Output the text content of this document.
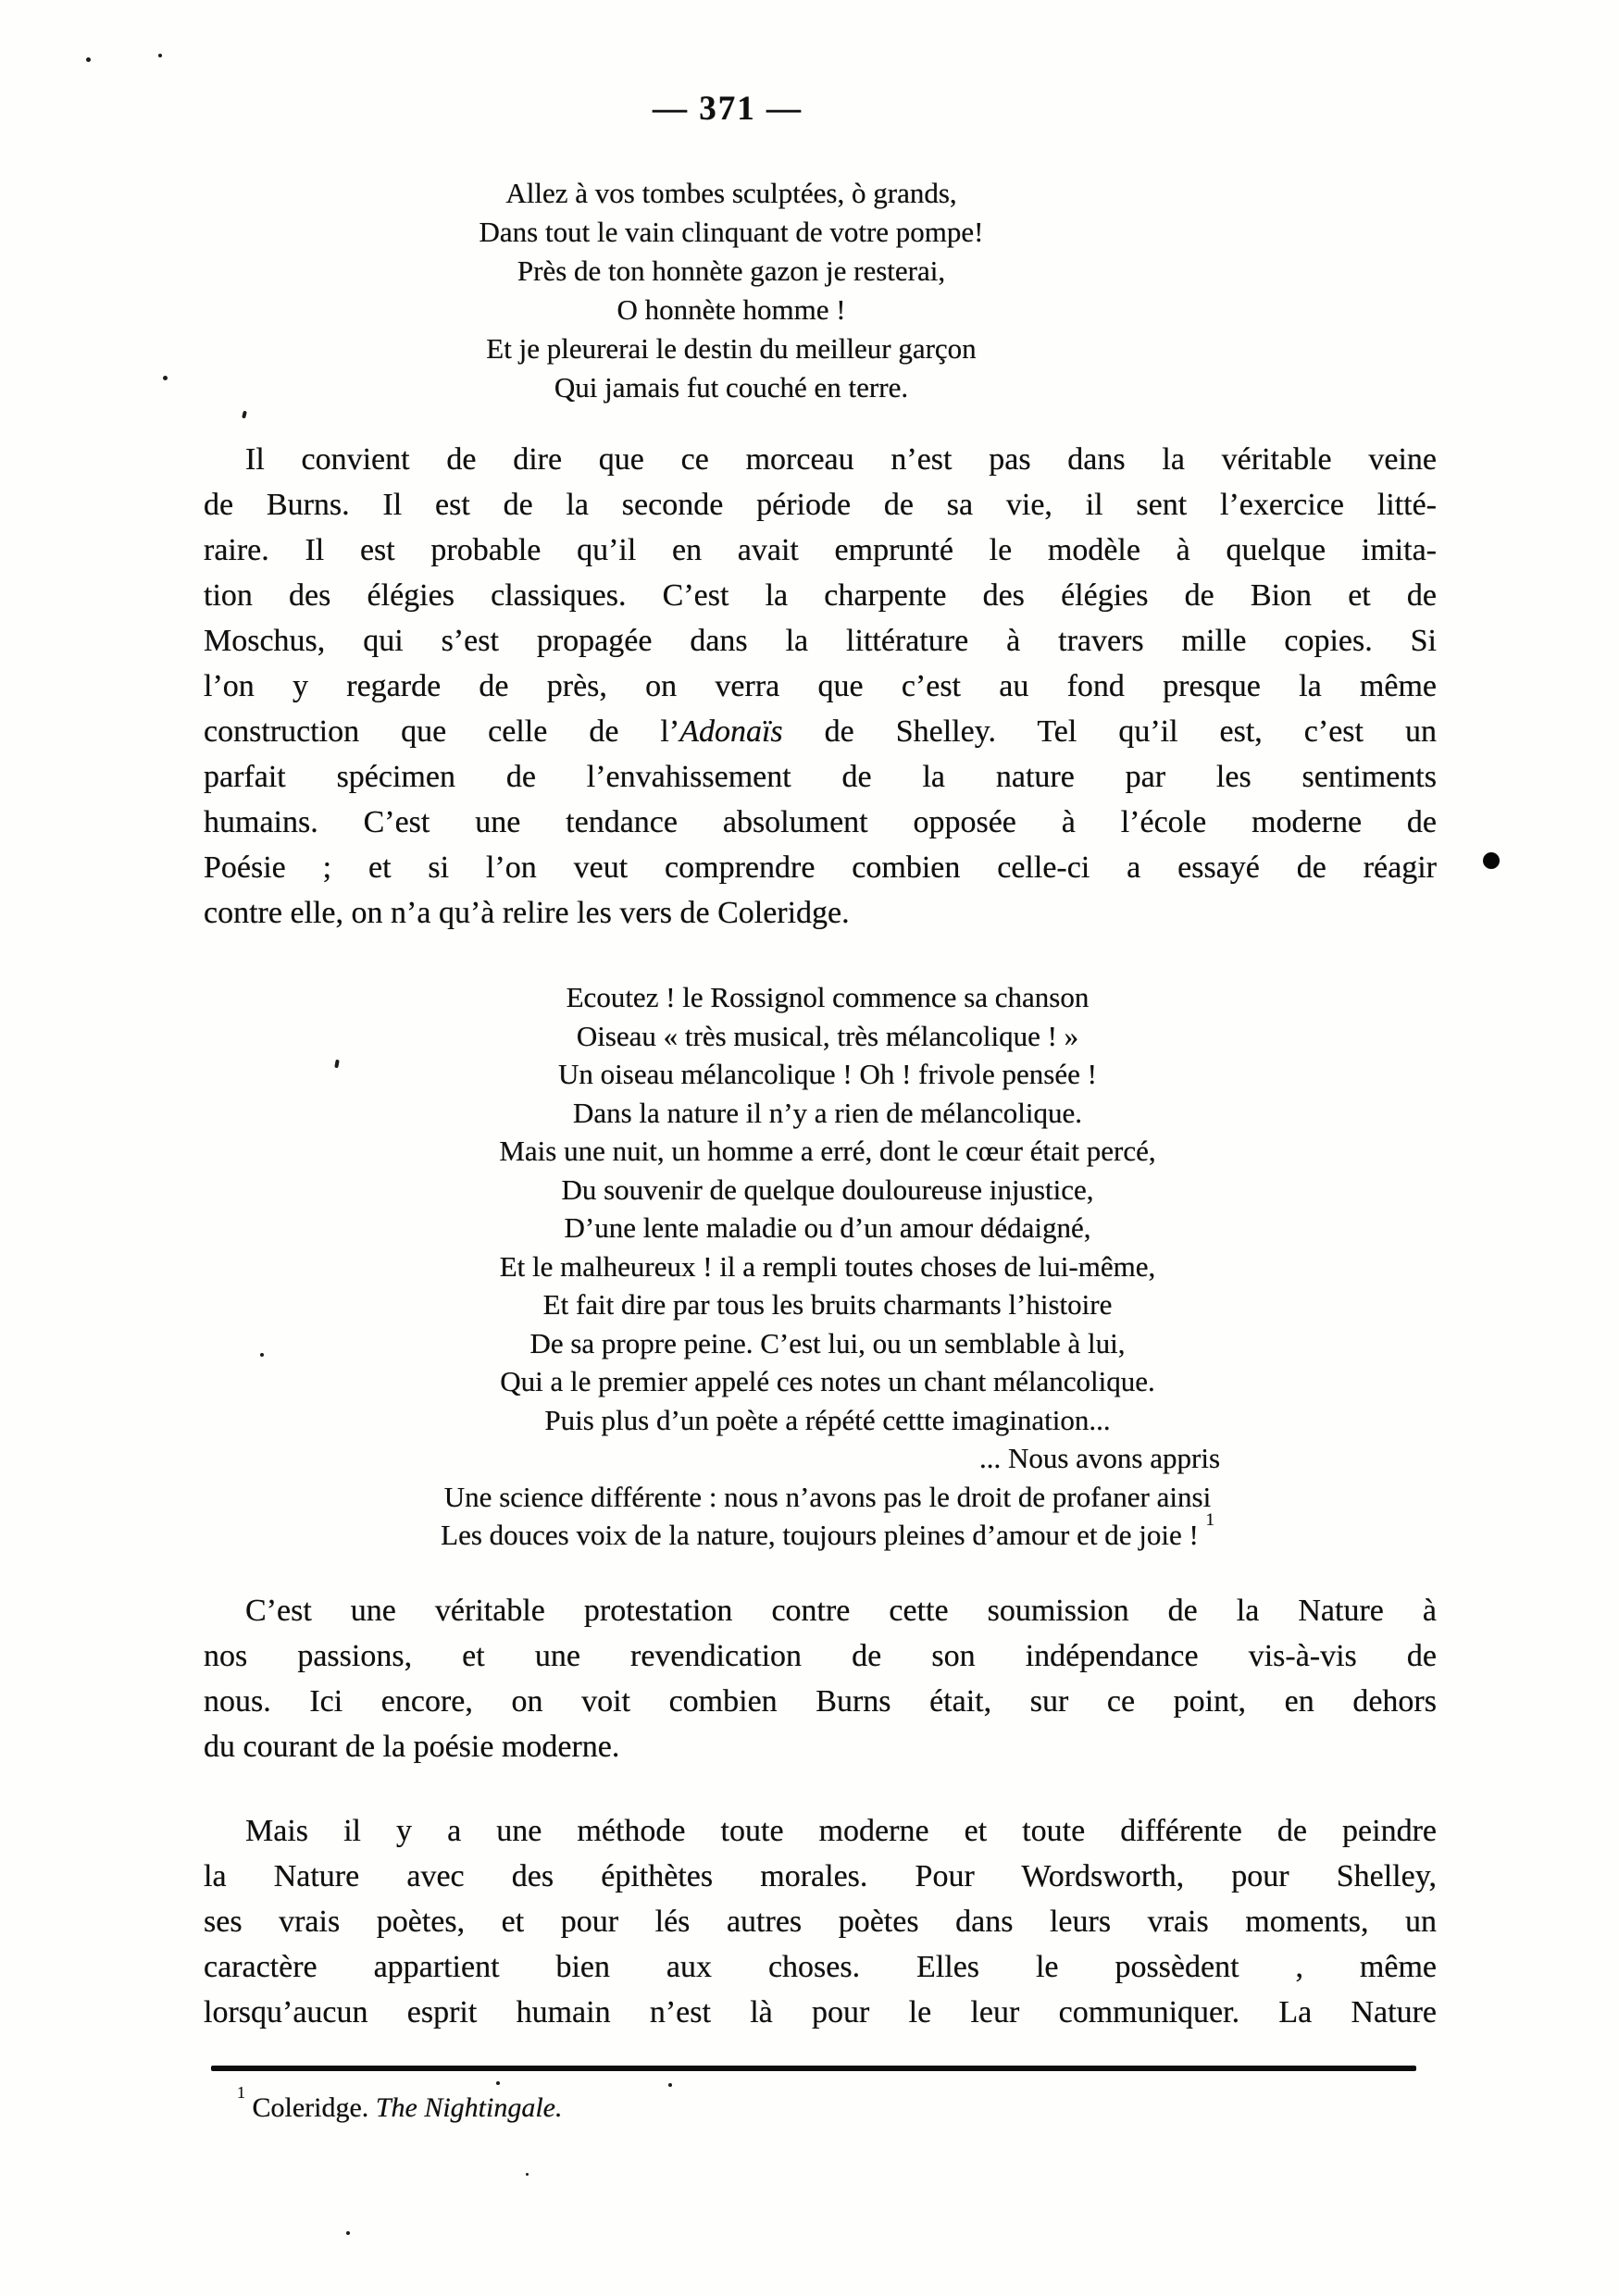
— 371 —
Allez à vos tombes sculptées, ò grands,
Dans tout le vain clinquant de votre pompe!
Près de ton honnète gazon je resterai,
O honnète homme !
Et je pleurerai le destin du meilleur garçon
Qui jamais fut couché en terre.
Il convient de dire que ce morceau n’est pas dans la véritable veine
de Burns. Il est de la seconde période de sa vie, il sent l’exercice litté-
raire. Il est probable qu’il en avait emprunté le modèle à quelque imita-
tion des élégies classiques. C’est la charpente des élégies de Bion et de
Moschus, qui s’est propagée dans la littérature à travers mille copies. Si
l’on y regarde de près, on verra que c’est au fond presque la même
construction que celle de l’Adonaïs de Shelley. Tel qu’il est, c’est un
parfait spécimen de l’envahissement de la nature par les sentiments
humains. C’est une tendance absolument opposée à l’école moderne de
Poésie ; et si l’on veut comprendre combien celle-ci a essayé de réagir
contre elle, on n’a qu’à relire les vers de Coleridge.
Ecoutez ! le Rossignol commence sa chanson
Oiseau « très musical, très mélancolique ! »
Un oiseau mélancolique ! Oh ! frivole pensée !
Dans la nature il n’y a rien de mélancolique.
Mais une nuit, un homme a erré, dont le cœur était percé,
Du souvenir de quelque douloureuse injustice,
D’une lente maladie ou d’un amour dédaigné,
Et le malheureux ! il a rempli toutes choses de lui-même,
Et fait dire par tous les bruits charmants l’histoire
De sa propre peine. C’est lui, ou un semblable à lui,
Qui a le premier appelé ces notes un chant mélancolique.
Puis plus d’un poète a répété cettte imagination...
... Nous avons appris
Une science différente : nous n’avons pas le droit de profaner ainsi
Les douces voix de la nature, toujours pleines d’amour et de joie ! $^1$
C’est une véritable protestation contre cette soumission de la Nature à
nos passions, et une revendication de son indépendance vis-à-vis de
nous. Ici encore, on voit combien Burns était, sur ce point, en dehors
du courant de la poésie moderne.
Mais il y a une méthode toute moderne et toute différente de peindre
la Nature avec des épithètes morales. Pour Wordsworth, pour Shelley,
ses vrais poètes, et pour lés autres poètes dans leurs vrais moments, un
caractère appartient bien aux choses. Elles le possèdent , même
lorsqu’aucun esprit humain n’est là pour le leur communiquer. La Nature
$^1$ Coleridge. The Nightingale.
